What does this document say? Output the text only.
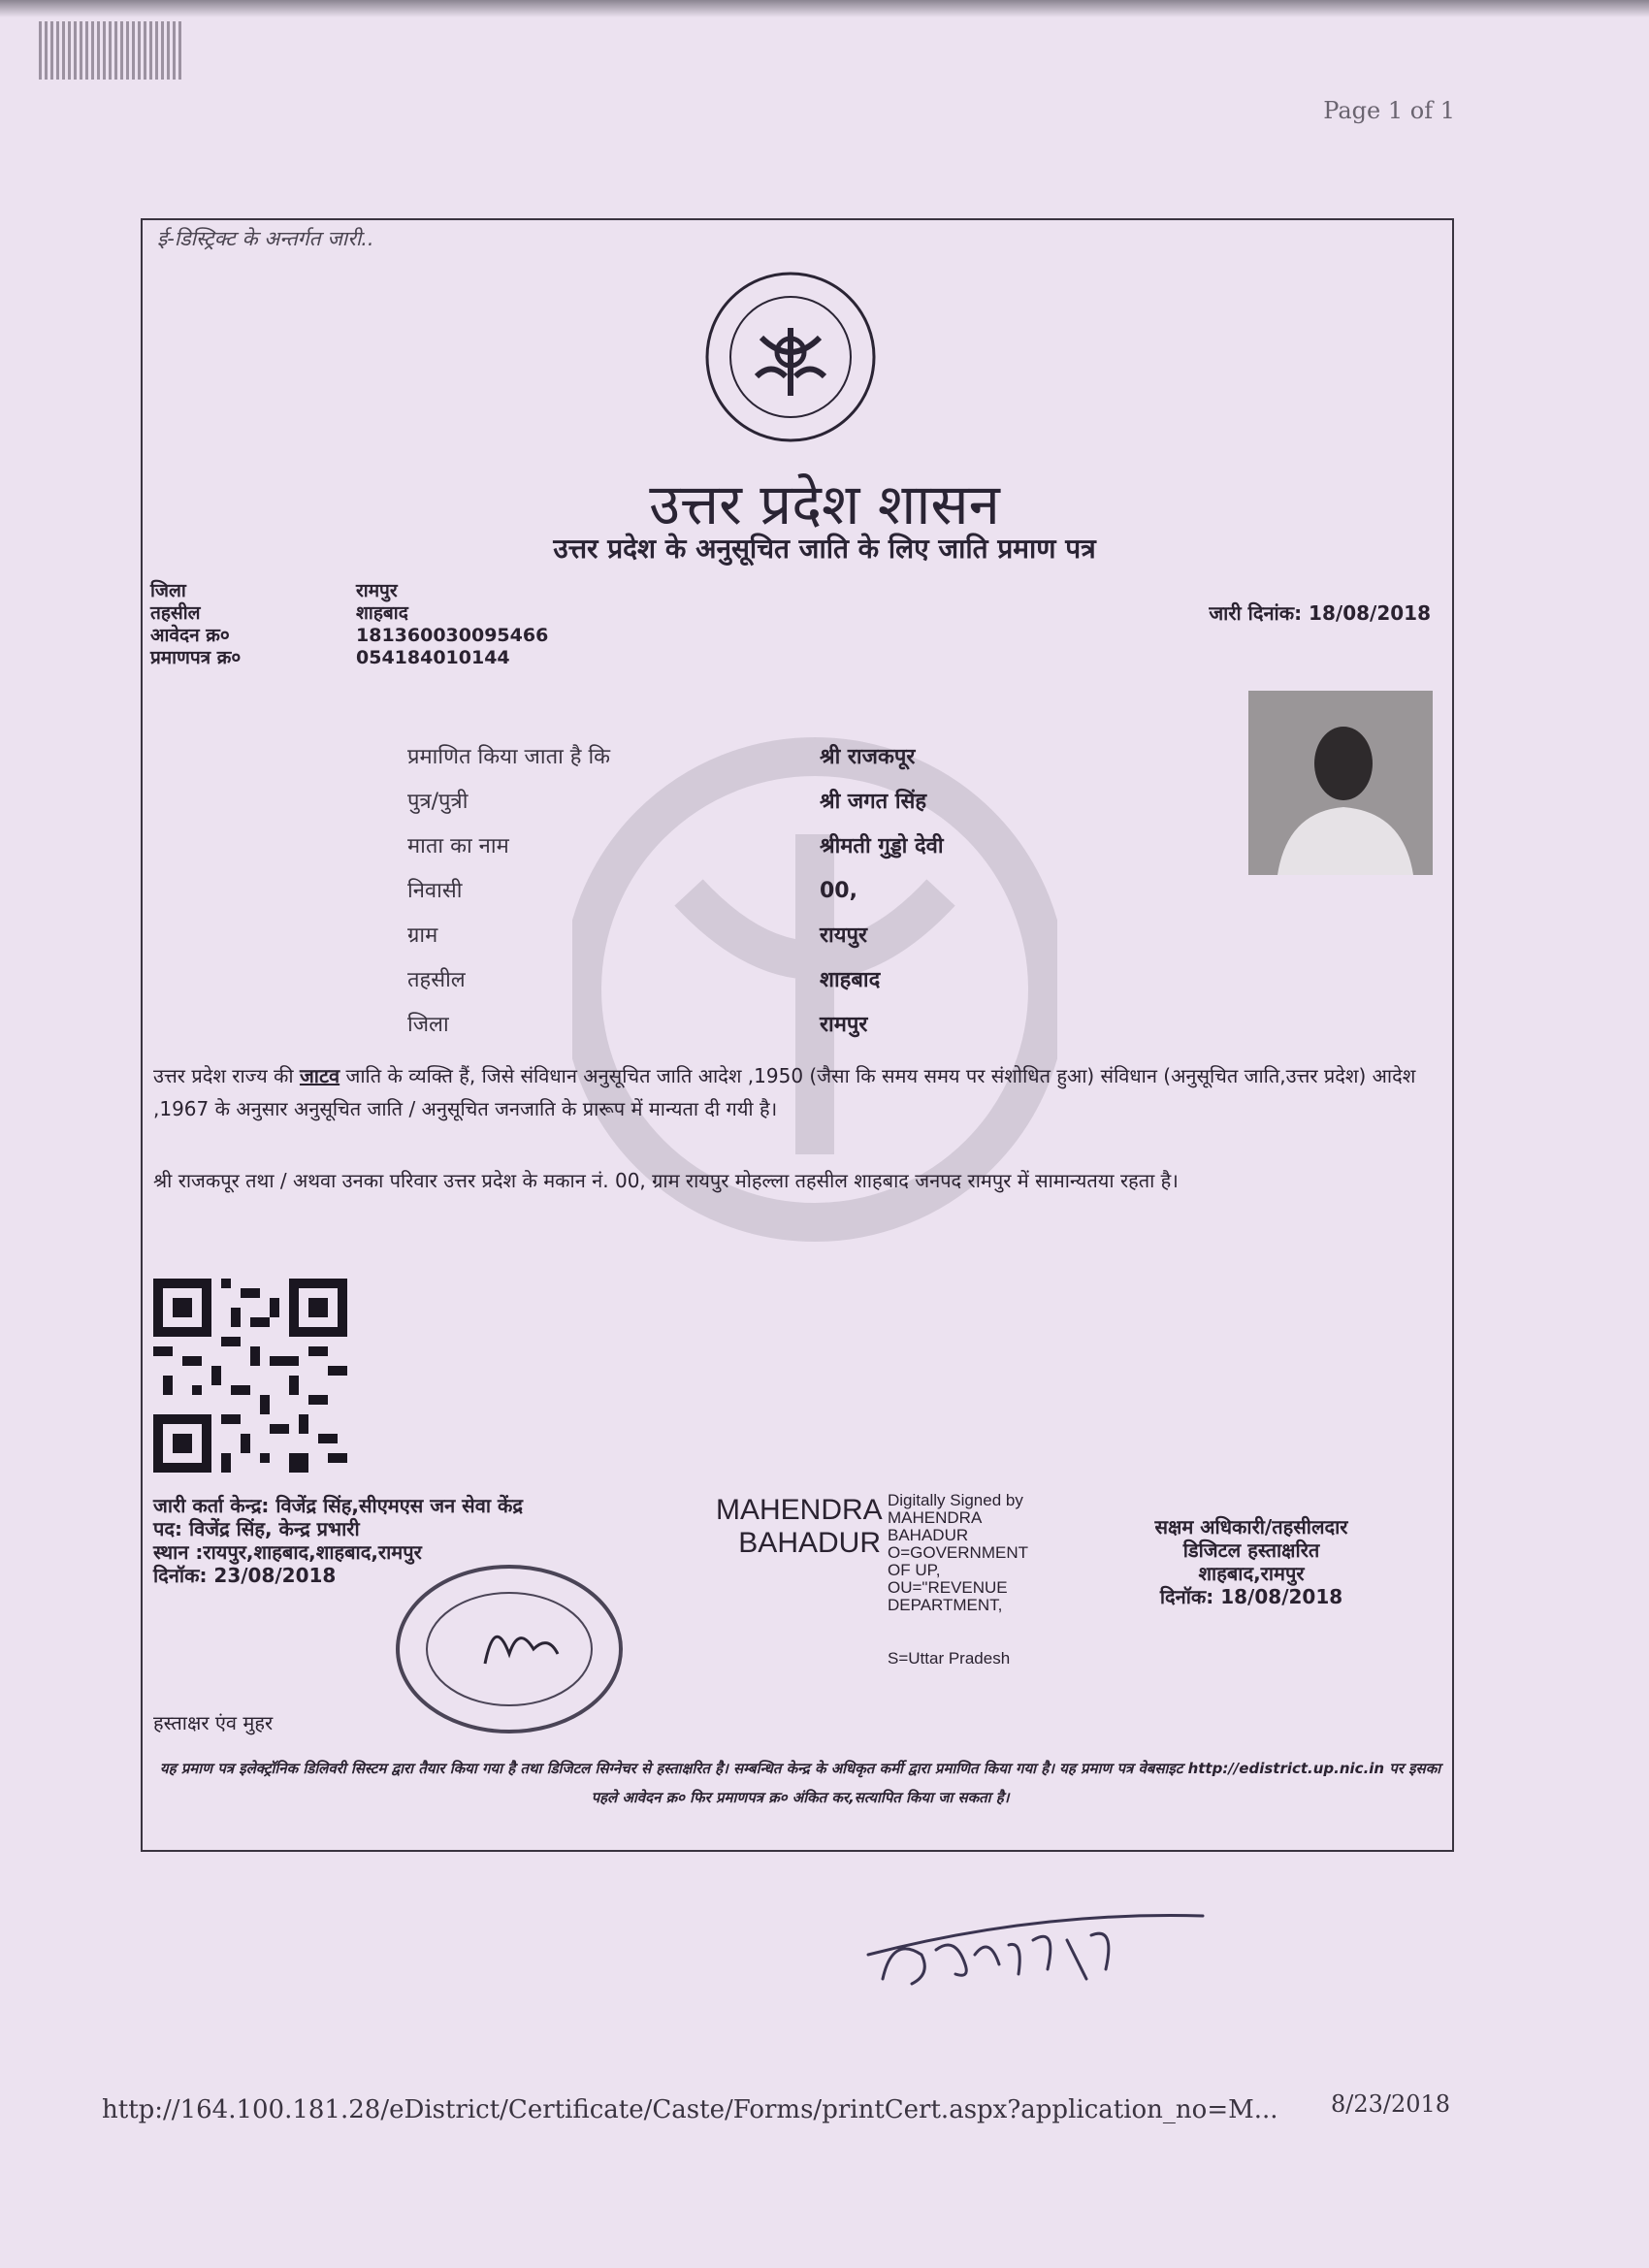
Page 1 of 1
ई-डिस्ट्रिक्ट के अन्तर्गत जारी..
उत्तर प्रदेश शासन
उत्तर प्रदेश के अनुसूचित जाति के लिए जाति प्रमाण पत्र
जिला	रामपुर
तहसील	शाहबाद
आवेदन क्र०	181360030095466
प्रमाणपत्र क्र०	054184010144
जारी दिनांक: 18/08/2018
प्रमाणित किया जाता है कि	श्री राजकपूर
पुत्र/पुत्री	श्री जगत सिंह
माता का नाम	श्रीमती गुड्डो देवी
निवासी	00,
ग्राम	रायपुर
तहसील	शाहबाद
जिला	रामपुर
उत्तर प्रदेश राज्य की जाटव जाति के व्यक्ति हैं, जिसे संविधान अनुसूचित जाति आदेश ,1950 (जैसा कि समय समय पर संशोधित हुआ) संविधान (अनुसूचित जाति,उत्तर प्रदेश) आदेश ,1967 के अनुसार अनुसूचित जाति / अनुसूचित जनजाति के प्रारूप में मान्यता दी गयी है।
श्री राजकपूर तथा / अथवा उनका परिवार उत्तर प्रदेश के मकान नं. 00, ग्राम रायपुर मोहल्ला तहसील शाहबाद जनपद रामपुर में सामान्यतया रहता है।
जारी कर्ता केन्द्र: विजेंद्र सिंह,सीएमएस जन सेवा केंद्र
पद: विजेंद्र सिंह, केन्द्र प्रभारी
स्थान :रायपुर,शाहबाद,शाहबाद,रामपुर
दिनॉक: 23/08/2018
MAHENDRA
BAHADUR
Digitally Signed by
MAHENDRA
BAHADUR
O=GOVERNMENT
OF UP,
OU="REVENUE
DEPARTMENT,
S=Uttar Pradesh
सक्षम अधिकारी/तहसीलदार
डिजिटल हस्ताक्षरित
शाहबाद,रामपुर
दिनॉक: 18/08/2018
हस्ताक्षर एंव मुहर
यह प्रमाण पत्र इलेक्ट्रॉनिक डिलिवरी सिस्टम द्वारा तैयार किया गया है तथा डिजिटल सिग्नेचर से हस्ताक्षरित है। सम्बन्धित केन्द्र के अधिकृत कर्मी द्वारा प्रमाणित किया गया है। यह प्रमाण पत्र वेबसाइट http://edistrict.up.nic.in पर इसका पहले आवेदन क्र० फिर प्रमाणपत्र क्र० अंकित कर,सत्यापित किया जा सकता है।
http://164.100.181.28/eDistrict/Certificate/Caste/Forms/printCert.aspx?application_no=M... 8/23/2018
